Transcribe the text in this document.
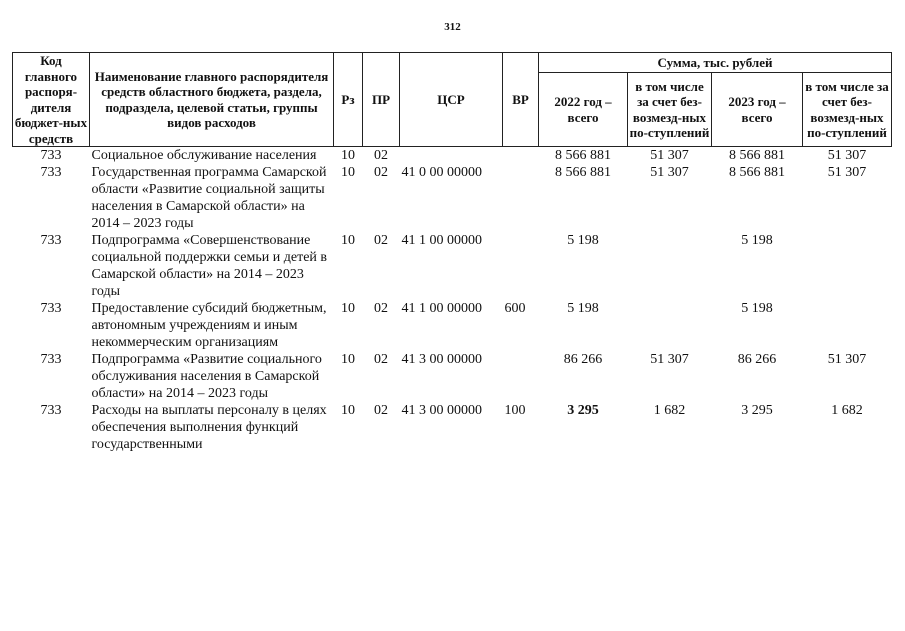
312
Код главного распоря-дителя бюджет-ных средств	Наименование главного распорядителя средств областного бюджета, раздела, подраздела, целевой статьи, группы видов расходов	Рз	ПР	ЦСР	ВР	Сумма, тыс. рублей			
						2022 год – всего	в том числе за счет без-возмезд-ных по-ступлений	2023 год – всего	в том числе за счет без-возмезд-ных по-ступлений
733	Социальное обслуживание населения	10	02			8 566 881	51 307	8 566 881	51 307
733	Государственная программа Самарской области «Развитие социальной защиты населения в Самарской области» на 2014 – 2023 годы	10	02	41 0 00 00000		8 566 881	51 307	8 566 881	51 307
733	Подпрограмма «Совершенствование социальной поддержки семьи и детей в Самарской области» на 2014 – 2023 годы	10	02	41 1 00 00000		5 198		5 198	
733	Предоставление субсидий бюджетным, автономным учреждениям и иным некоммерческим организациям	10	02	41 1 00 00000	600	5 198		5 198	
733	Подпрограмма «Развитие социального обслуживания населения в Самарской области» на 2014 – 2023 годы	10	02	41 3 00 00000		86 266	51 307	86 266	51 307
733	Расходы на выплаты персоналу в целях обеспечения выполнения функций государственными	10	02	41 3 00 00000	100	3 295	1 682	3 295	1 682
